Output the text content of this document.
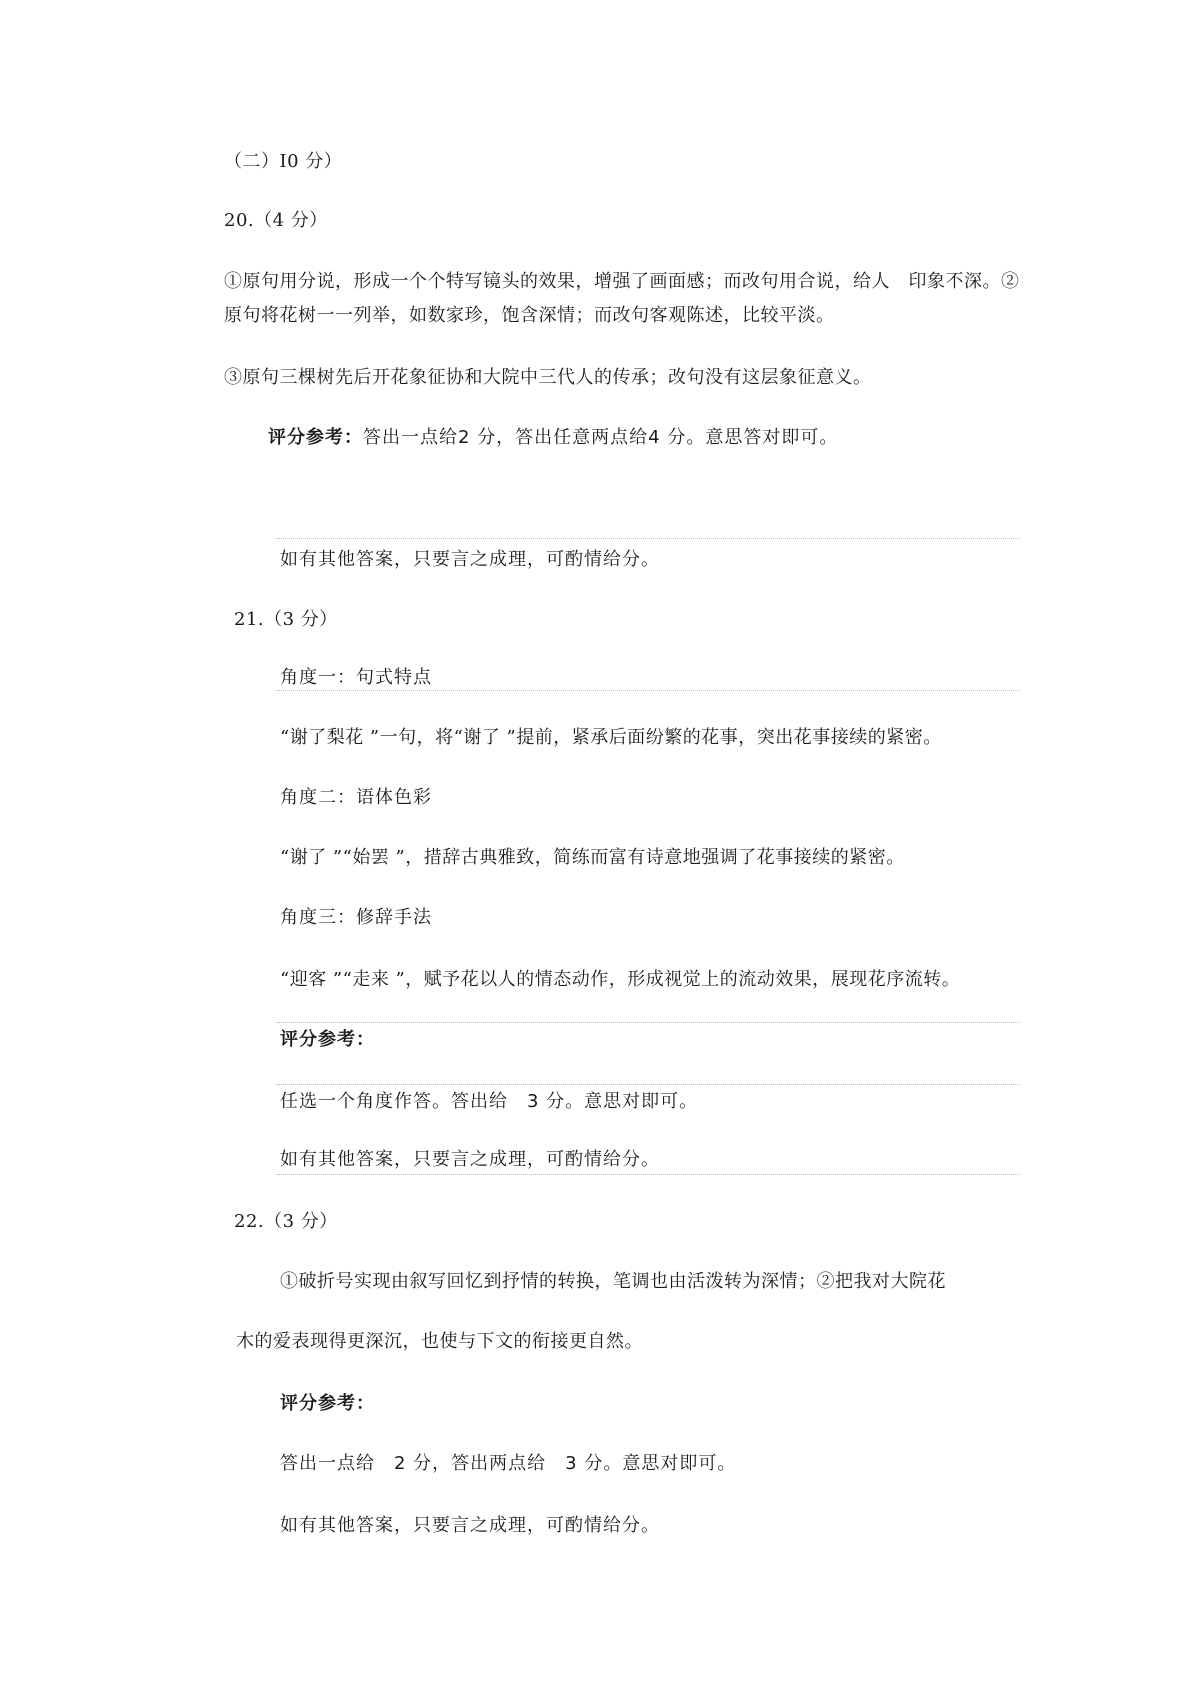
（二）I0 分）
20.（4 分）
①原句用分说，形成一个个特写镜头的效果，增强了画面感；而改句用合说，给人　印象不深。②
原句将花树一一列举，如数家珍，饱含深情；而改句客观陈述，比较平淡。
③原句三棵树先后开花象征协和大院中三代人的传承；改句没有这层象征意义。
评分参考：答出一点给2 分，答出任意两点给4 分。意思答对即可。
如有其他答案，只要言之成理，可酌情给分。
21.（3 分）
角度一：句式特点
“谢了梨花 ”一句，将“谢了 ”提前，紧承后面纷繁的花事，突出花事接续的紧密。
角度二：语体色彩
“谢了 ”“始罢 ”，措辞古典雅致，简练而富有诗意地强调了花事接续的紧密。
角度三：修辞手法
“迎客 ”“走来 ”，赋予花以人的情态动作，形成视觉上的流动效果，展现花序流转。
评分参考：
任选一个角度作答。答出给　3 分。意思对即可。
如有其他答案，只要言之成理，可酌情给分。
22.（3 分）
①破折号实现由叙写回忆到抒情的转换，笔调也由活泼转为深情；②把我对大院花
木的爱表现得更深沉，也使与下文的衔接更自然。
评分参考：
答出一点给　2 分，答出两点给　3 分。意思对即可。
如有其他答案，只要言之成理，可酌情给分。
